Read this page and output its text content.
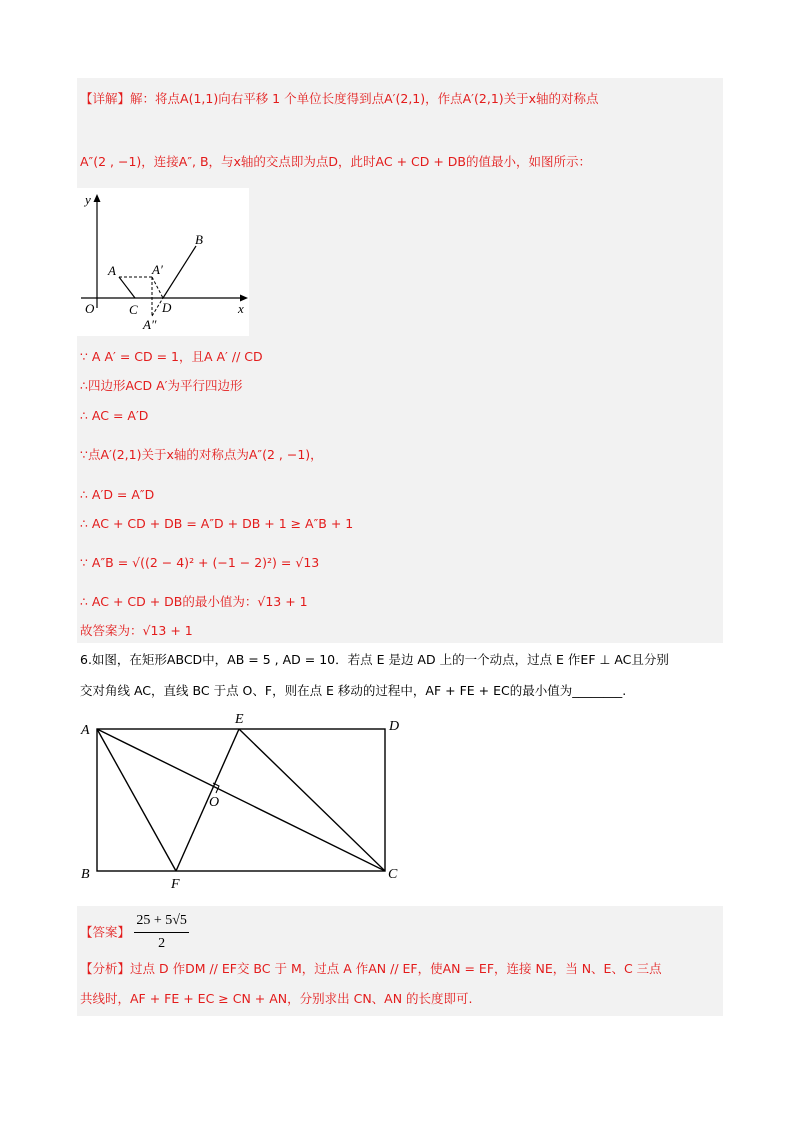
【详解】解：将点A(1,1)向右平移 1 个单位长度得到点A′(2,1)，作点A′(2,1)关于x轴的对称点
A″(2 , −1)，连接A″, B，与x轴的交点即为点D，此时AC + CD + DB的值最小，如图所示：
y
x
O
A	A′
B
C D
A″
∵ A A′ = CD = 1，且A A′ // CD
∴四边形ACD A′为平行四边形
∴ AC = A′D
∵点A′(2,1)关于x轴的对称点为A″(2 , −1)，
∴ A′D = A″D
∴ AC + CD + DB = A″D + DB + 1 ≥ A″B + 1
∵ A″B = √((2 − 4)² + (−1 − 2)²) = √13
∴ AC + CD + DB的最小值为：√13 + 1
故答案为：√13 + 1
6.如图，在矩形ABCD中，AB = 5 , AD = 10．若点 E 是边 AD 上的一个动点，过点 E 作EF ⊥ AC且分别
交对角线 AC，直线 BC 于点 O、F，则在点 E 移动的过程中，AF + FE + EC的最小值为________.
A
E	D
O
B
F
C
【答案】 $\frac{25 + 5√5}{2}$
【分析】过点 D 作DM // EF交 BC 于 M，过点 A 作AN // EF，使AN = EF，连接 NE，当 N、E、C 三点
共线时，AF + FE + EC ≥ CN + AN，分别求出 CN、AN 的长度即可.
